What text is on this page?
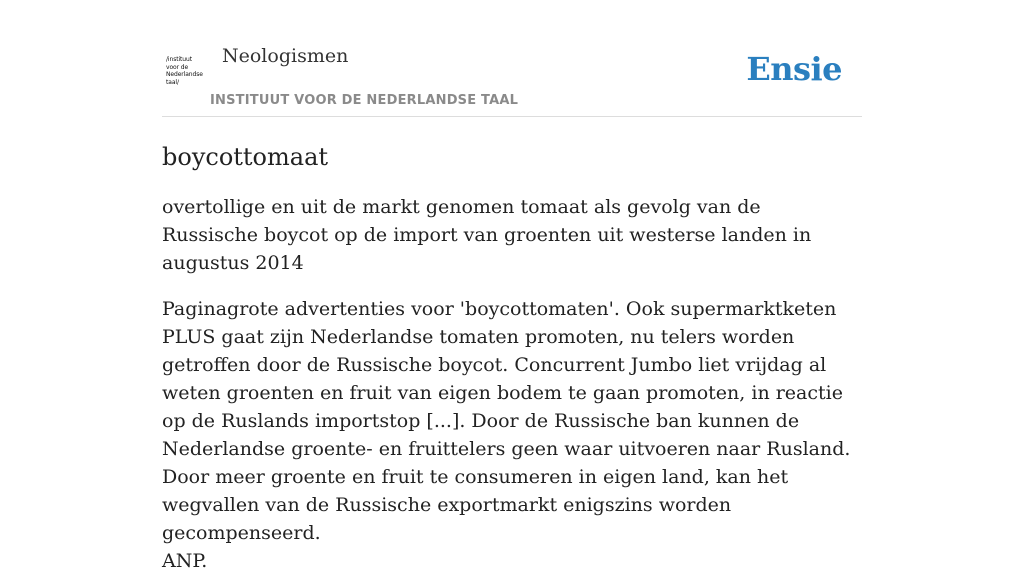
/instituut
voor de
Nederlandse
taal/
Neologismen
INSTITUUT VOOR DE NEDERLANDSE TAAL
Ensie
boycottomaat

overtollige en uit de markt genomen tomaat als gevolg van de Russische boycot op de import van groenten uit westerse landen in augustus 2014

Paginagrote advertenties voor 'boycottomaten'. Ook supermarktketen PLUS gaat zijn Nederlandse tomaten promoten, nu telers worden getroffen door de Russische boycot. Concurrent Jumbo liet vrijdag al weten groenten en fruit van eigen bodem te gaan promoten, in reactie op de Ruslands importstop [...]. Door de Russische ban kunnen de Nederlandse groente- en fruittelers geen waar uitvoeren naar Rusland. Door meer groente en fruit te consumeren in eigen land, kan het wegvallen van de Russische exportmarkt enigszins worden gecompenseerd.
ANP.
